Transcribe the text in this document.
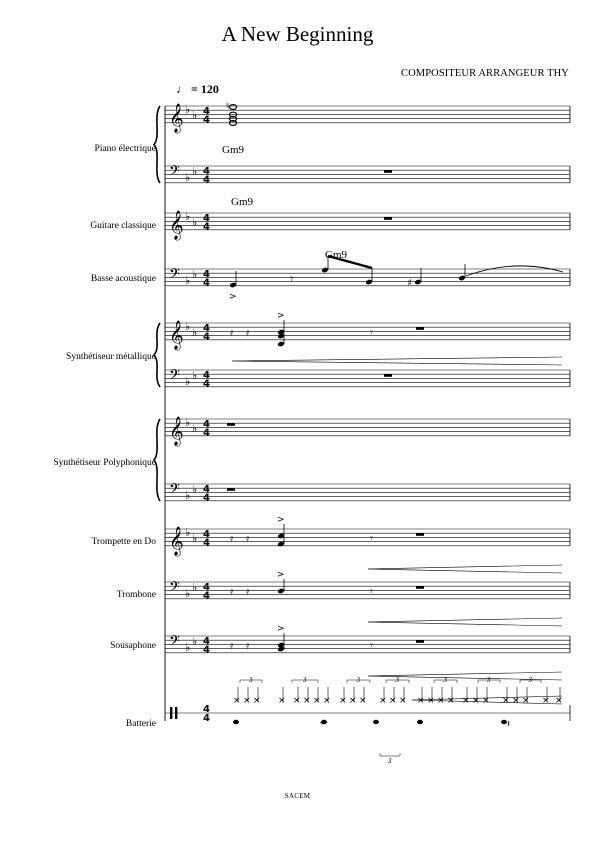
A New Beginning
COMPOSITEUR ARRANGEUR THY
♩ = 120
Piano électrique
Guitare classique
Basse acoustique
Synthétiseur métallique
Synthétiseur Polyphonique
Trompette en Do
Trombone
Sousaphone
Batterie
SACEM
𝄞 ♭ ♭ 4
4
𝄢 ♭ ♭ 4
4
𝄞 ♭ ♭ 4
4
𝄢 ♭ ♭ 4
4
𝄞 ♭ ♭ 4
4
𝄢 ♭ ♭ 4
4
𝄞 ♭ ♭ 4
4
𝄢 ♭ ♭ 4
4
𝄞 ♭ ♭ 4
4
𝄢 ♭ ♭ 4
4
𝄢 ♭ ♭ 4
4
4
4
♮
>
𝄾	♯
𝄿 𝄿	𝄾
>
𝄿 𝄿	𝄾
>
𝄿 𝄿	𝄾
>
𝄿 𝄿	𝄾
>
× × × × × × × × × × × × × × × × × × × × × × × × × ×
3	3	3	3	3	3	3
𝄾	𝄽
3
Gm9
Gm9
Gm9
